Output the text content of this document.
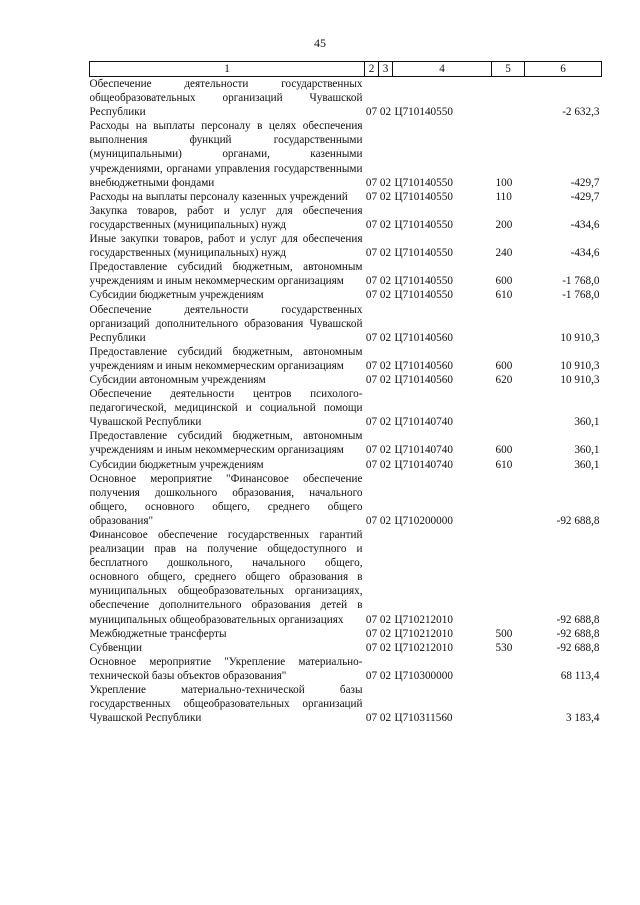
45
1	2	3	4	5	6
Обеспечение деятельности государственных общеобразовательных организаций Чувашской Республики	07	02	Ц710140550		-2 632,3
Расходы на выплаты персоналу в целях обеспечения выполнения функций государственными (муниципальными) органами, казенными учреждениями, органами управления государственными внебюджетными фондами	07	02	Ц710140550	100	-429,7
Расходы на выплаты персоналу казенных учреждений	07	02	Ц710140550	110	-429,7
Закупка товаров, работ и услуг для обеспечения государственных (муниципальных) нужд	07	02	Ц710140550	200	-434,6
Иные закупки товаров, работ и услуг для обеспечения государственных (муниципальных) нужд	07	02	Ц710140550	240	-434,6
Предоставление субсидий бюджетным, автономным учреждениям и иным некоммерческим организациям	07	02	Ц710140550	600	-1 768,0
Субсидии бюджетным учреждениям	07	02	Ц710140550	610	-1 768,0
Обеспечение деятельности государственных организаций дополнительного образования Чувашской Республики	07	02	Ц710140560		10 910,3
Предоставление субсидий бюджетным, автономным учреждениям и иным некоммерческим организациям	07	02	Ц710140560	600	10 910,3
Субсидии автономным учреждениям	07	02	Ц710140560	620	10 910,3
Обеспечение деятельности центров психолого-педагогической, медицинской и социальной помощи Чувашской Республики	07	02	Ц710140740		360,1
Предоставление субсидий бюджетным, автономным учреждениям и иным некоммерческим организациям	07	02	Ц710140740	600	360,1
Субсидии бюджетным учреждениям	07	02	Ц710140740	610	360,1
Основное мероприятие "Финансовое обеспечение получения дошкольного образования, начального общего, основного общего, среднего общего образования"	07	02	Ц710200000		-92 688,8
Финансовое обеспечение государственных гарантий реализации прав на получение общедоступного и бесплатного дошкольного, начального общего, основного общего, среднего общего образования в муниципальных общеобразовательных организациях, обеспечение дополнительного образования детей в муниципальных общеобразовательных организациях	07	02	Ц710212010		-92 688,8
Межбюджетные трансферты	07	02	Ц710212010	500	-92 688,8
Субвенции	07	02	Ц710212010	530	-92 688,8
Основное мероприятие "Укрепление материально-технической базы объектов образования"	07	02	Ц710300000		68 113,4
Укрепление материально-технической базы государственных общеобразовательных организаций Чувашской Республики	07	02	Ц710311560		3 183,4
